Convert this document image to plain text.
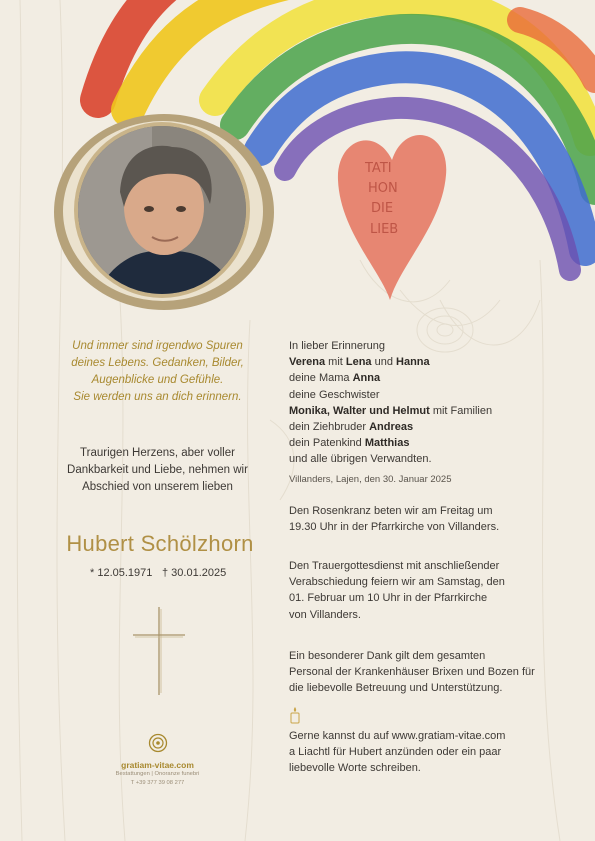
TATI
HON
DIE
LIEB
Und immer sind irgendwo Spuren
deines Lebens. Gedanken, Bilder,
Augenblicke und Gefühle.
Sie werden uns an dich erinnern.
Traurigen Herzens, aber voller
Dankbarkeit und Liebe, nehmen wir
Abschied von unserem lieben
Hubert Schölzhorn
* 12.05.1971 † 30.01.2025
gratiam-vitae.com
Bestattungen | Onoranze funebri
T +39 377 39 08 277
In lieber Erinnerung
Verena mit Lena und Hanna
deine Mama Anna
deine Geschwister
Monika, Walter und Helmut mit Familien
dein Ziehbruder Andreas
dein Patenkind Matthias
und alle übrigen Verwandten.
Villanders, Lajen, den 30. Januar 2025
Den Rosenkranz beten wir am Freitag um
19.30 Uhr in der Pfarrkirche von Villanders.
Den Trauergottesdienst mit anschließender
Verabschiedung feiern wir am Samstag, den
01. Februar um 10 Uhr in der Pfarrkirche
von Villanders.
Ein besonderer Dank gilt dem gesamten
Personal der Krankenhäuser Brixen und Bozen für
die liebevolle Betreuung und Unterstützung.
Gerne kannst du auf www.gratiam-vitae.com
a Liachtl für Hubert anzünden oder ein paar
liebevolle Worte schreiben.
